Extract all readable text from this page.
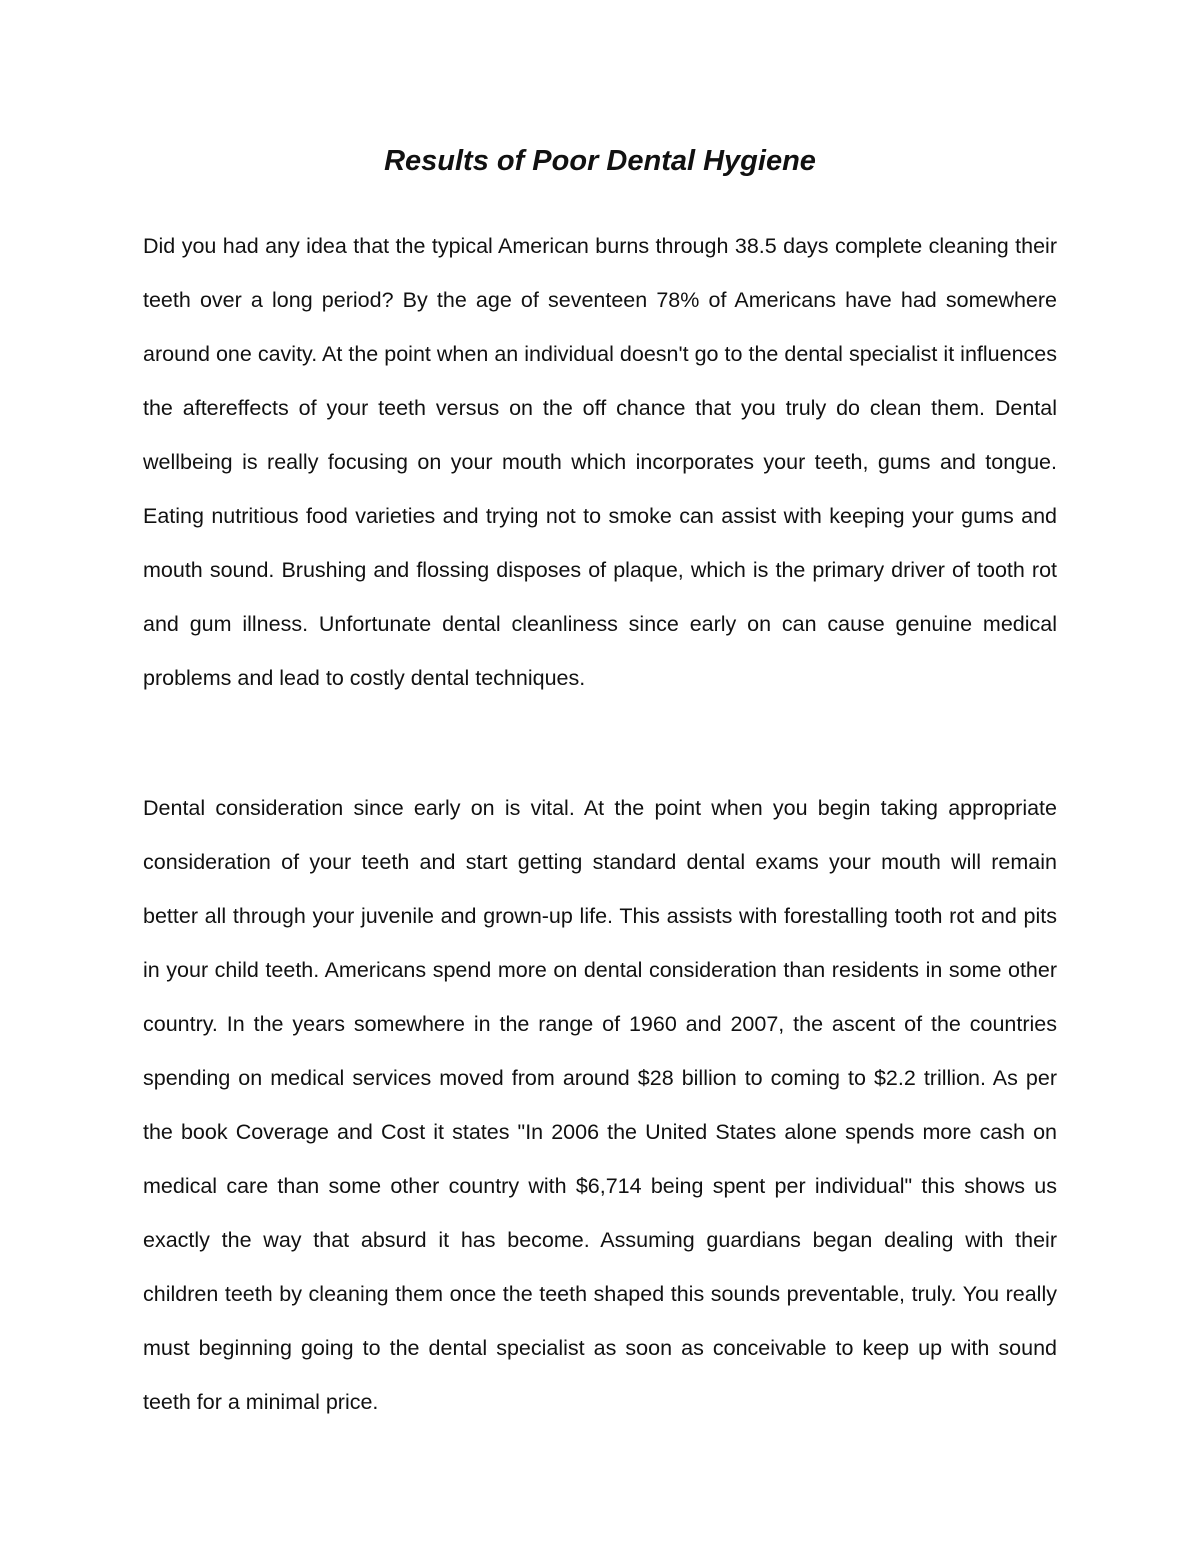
Results of Poor Dental Hygiene

Did you had any idea that the typical American burns through 38.5 days complete cleaning their teeth over a long period? By the age of seventeen 78% of Americans have had somewhere around one cavity. At the point when an individual doesn't go to the dental specialist it influences the aftereffects of your teeth versus on the off chance that you truly do clean them. Dental wellbeing is really focusing on your mouth which incorporates your teeth, gums and tongue. Eating nutritious food varieties and trying not to smoke can assist with keeping your gums and mouth sound. Brushing and flossing disposes of plaque, which is the primary driver of tooth rot and gum illness. Unfortunate dental cleanliness since early on can cause genuine medical problems and lead to costly dental techniques.

Dental consideration since early on is vital. At the point when you begin taking appropriate consideration of your teeth and start getting standard dental exams your mouth will remain better all through your juvenile and grown-up life. This assists with forestalling tooth rot and pits in your child teeth. Americans spend more on dental consideration than residents in some other country. In the years somewhere in the range of 1960 and 2007, the ascent of the countries spending on medical services moved from around $28 billion to coming to $2.2 trillion. As per the book Coverage and Cost it states "In 2006 the United States alone spends more cash on medical care than some other country with $6,714 being spent per individual" this shows us exactly the way that absurd it has become. Assuming guardians began dealing with their children teeth by cleaning them once the teeth shaped this sounds preventable, truly. You really must beginning going to the dental specialist as soon as conceivable to keep up with sound teeth for a minimal price.
